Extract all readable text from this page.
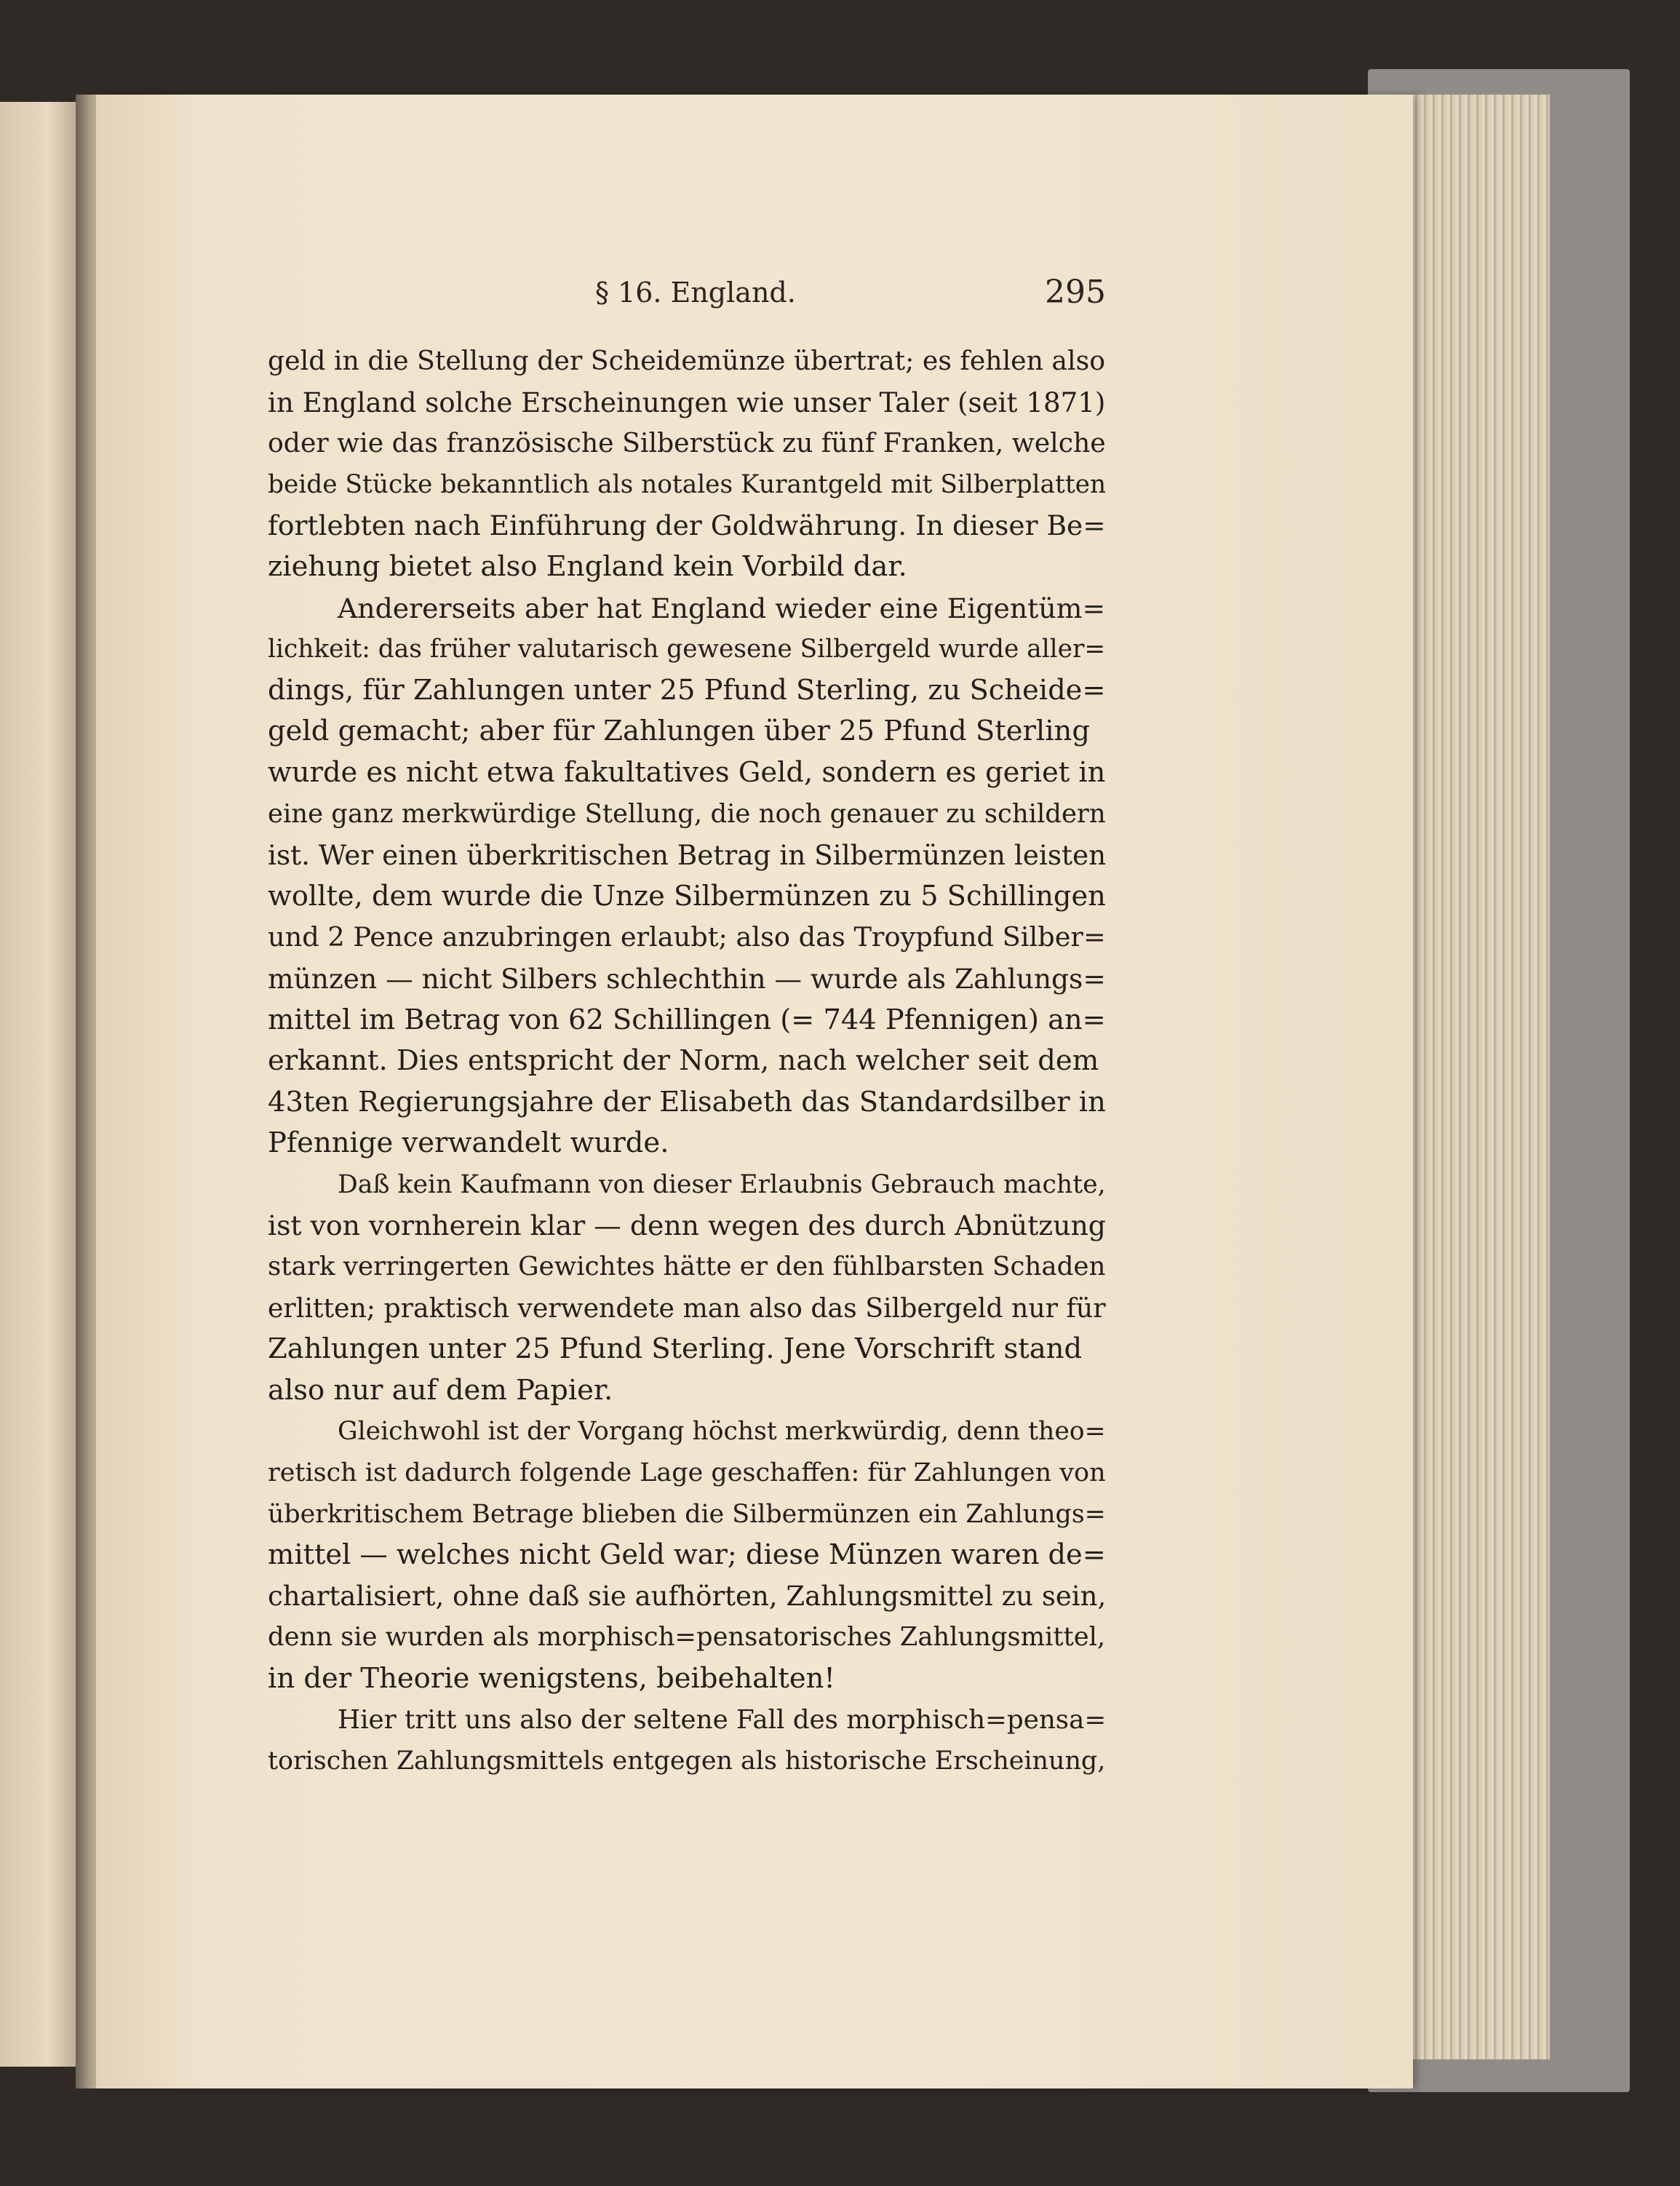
§ 16. England.	295
geld in die Stellung der Scheidemünze übertrat; es fehlen also
in England solche Erscheinungen wie unser Taler (seit 1871)
oder wie das französische Silberstück zu fünf Franken, welche
beide Stücke bekanntlich als notales Kurantgeld mit Silberplatten
fortlebten nach Einführung der Goldwährung. In dieser Be=
ziehung bietet also England kein Vorbild dar.
Andererseits aber hat England wieder eine Eigentüm=
lichkeit: das früher valutarisch gewesene Silbergeld wurde aller=
dings, für Zahlungen unter 25 Pfund Sterling, zu Scheide=
geld gemacht; aber für Zahlungen über 25 Pfund Sterling
wurde es nicht etwa fakultatives Geld, sondern es geriet in
eine ganz merkwürdige Stellung, die noch genauer zu schildern
ist. Wer einen überkritischen Betrag in Silbermünzen leisten
wollte, dem wurde die Unze Silbermünzen zu 5 Schillingen
und 2 Pence anzubringen erlaubt; also das Troypfund Silber=
münzen — nicht Silbers schlechthin — wurde als Zahlungs=
mittel im Betrag von 62 Schillingen (= 744 Pfennigen) an=
erkannt. Dies entspricht der Norm, nach welcher seit dem
43ten Regierungsjahre der Elisabeth das Standardsilber in
Pfennige verwandelt wurde.
Daß kein Kaufmann von dieser Erlaubnis Gebrauch machte,
ist von vornherein klar — denn wegen des durch Abnützung
stark verringerten Gewichtes hätte er den fühlbarsten Schaden
erlitten; praktisch verwendete man also das Silbergeld nur für
Zahlungen unter 25 Pfund Sterling. Jene Vorschrift stand
also nur auf dem Papier.
Gleichwohl ist der Vorgang höchst merkwürdig, denn theo=
retisch ist dadurch folgende Lage geschaffen: für Zahlungen von
überkritischem Betrage blieben die Silbermünzen ein Zahlungs=
mittel — welches nicht Geld war; diese Münzen waren de=
chartalisiert, ohne daß sie aufhörten, Zahlungsmittel zu sein,
denn sie wurden als morphisch=pensatorisches Zahlungsmittel,
in der Theorie wenigstens, beibehalten!
Hier tritt uns also der seltene Fall des morphisch=pensa=
torischen Zahlungsmittels entgegen als historische Erscheinung,
